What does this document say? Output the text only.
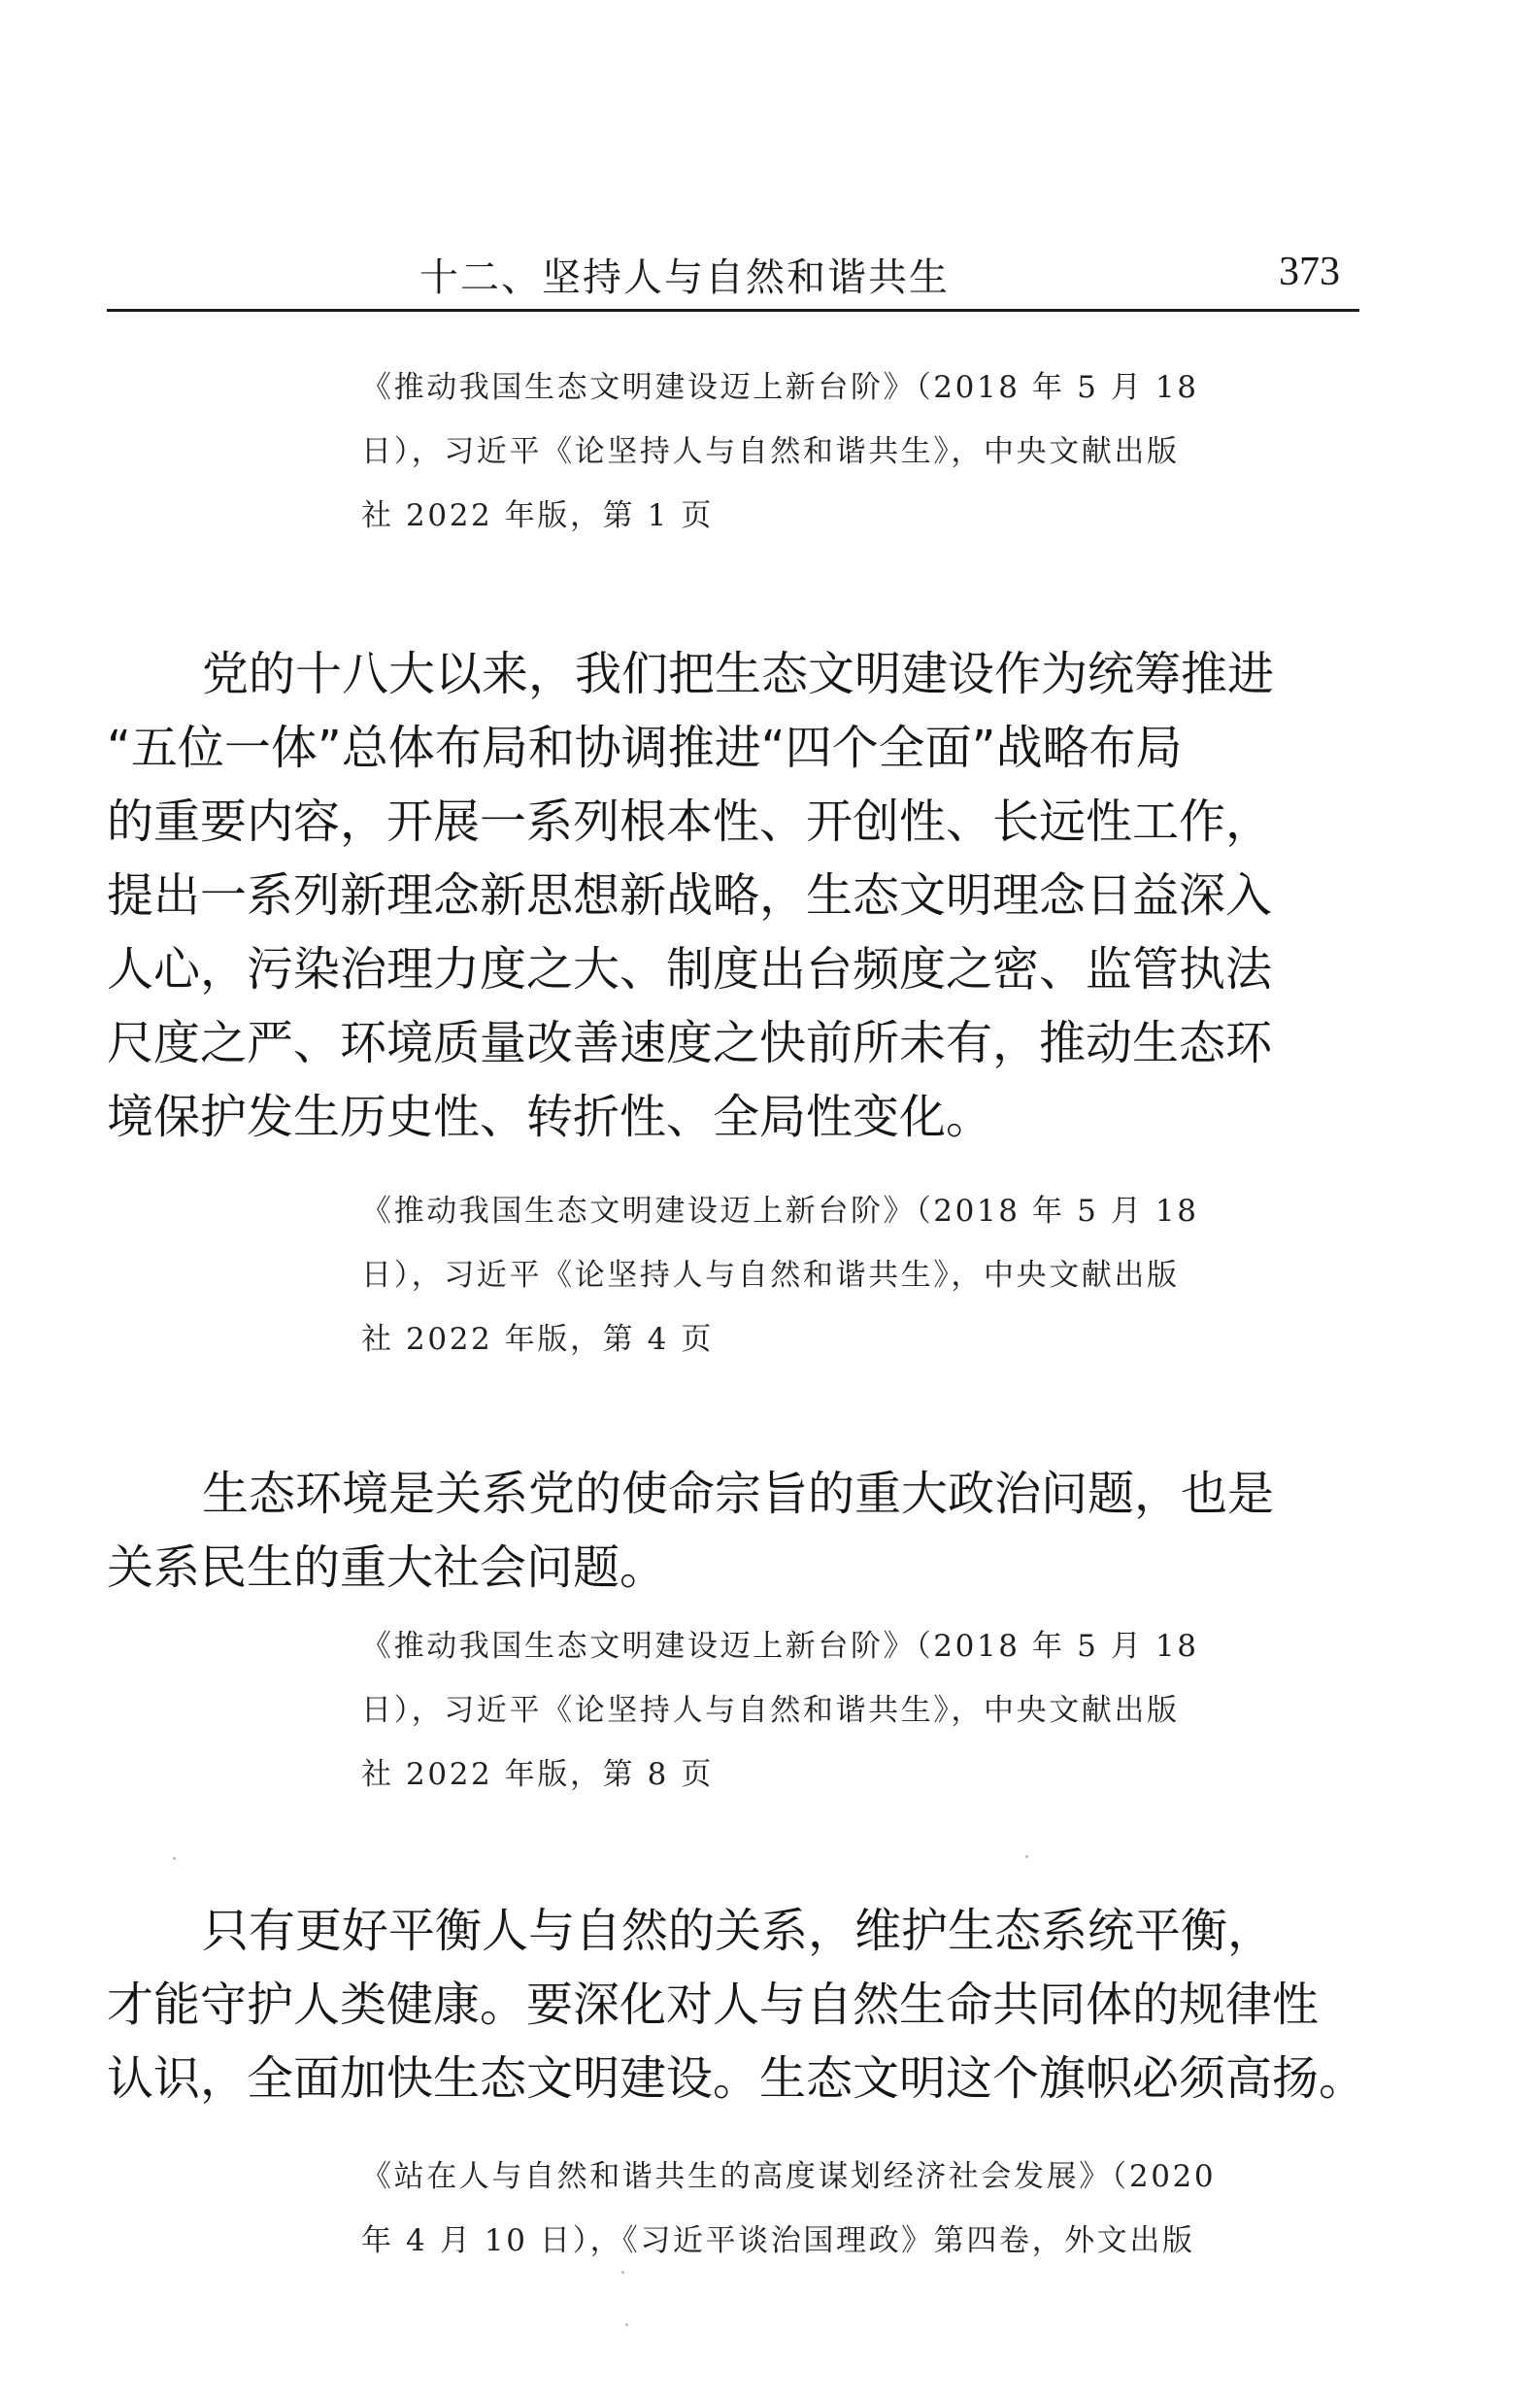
十二、坚持人与自然和谐共生	373
《推动我国生态文明建设迈上新台阶》（2018 年 5 月 18
日），习近平《论坚持人与自然和谐共生》，中央文献出版
社 2022 年版，第 1 页
党的十八大以来，我们把生态文明建设作为统筹推进
“五位一体”总体布局和协调推进“四个全面”战略布局
的重要内容，开展一系列根本性、开创性、长远性工作，
提出一系列新理念新思想新战略，生态文明理念日益深入
人心，污染治理力度之大、制度出台频度之密、监管执法
尺度之严、环境质量改善速度之快前所未有，推动生态环
境保护发生历史性、转折性、全局性变化。
《推动我国生态文明建设迈上新台阶》（2018 年 5 月 18
日），习近平《论坚持人与自然和谐共生》，中央文献出版
社 2022 年版，第 4 页
生态环境是关系党的使命宗旨的重大政治问题，也是
关系民生的重大社会问题。
《推动我国生态文明建设迈上新台阶》（2018 年 5 月 18
日），习近平《论坚持人与自然和谐共生》，中央文献出版
社 2022 年版，第 8 页
只有更好平衡人与自然的关系，维护生态系统平衡，
才能守护人类健康。要深化对人与自然生命共同体的规律性
认识，全面加快生态文明建设。生态文明这个旗帜必须高扬。
《站在人与自然和谐共生的高度谋划经济社会发展》（2020
年 4 月 10 日），《习近平谈治国理政》第四卷，外文出版
